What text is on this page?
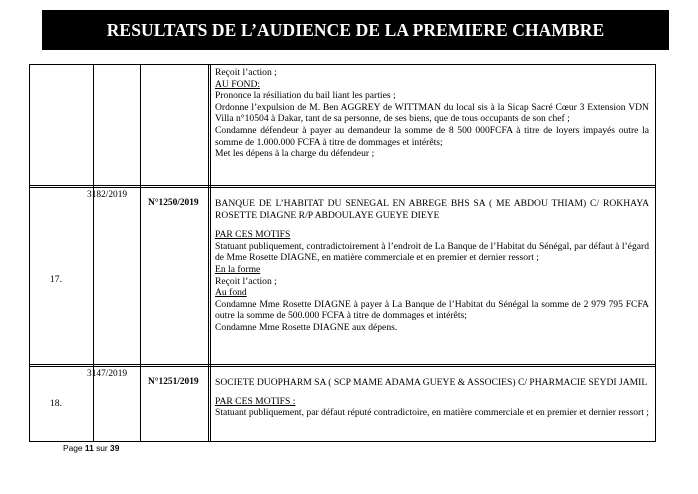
RESULTATS DE L’AUDIENCE DE LA PREMIERE CHAMBRE

Reçoit l’action ;

AU FOND:

Prononce la résiliation du bail liant les parties ;

Ordonne l’expulsion de M. Ben AGGREY de WITTMAN du local sis à la Sicap Sacré Cœur 3 Extension VDN Villa n°10504 à Dakar, tant de sa personne, de ses biens, que de tous occupants de son chef ;

Condamne défendeur à payer au demandeur la somme de 8 500 000FCFA à titre de loyers impayés outre la somme de 1.000.000 FCFA à titre de dommages et intérêts;

Met les dépens à la charge du défendeur ;

17.
3182/2019
N°1250/2019 BANQUE DE L’HABITAT DU SENEGAL EN ABREGE BHS SA ( ME ABDOU THIAM) C/ ROKHAYA ROSETTE DIAGNE R/P ABDOULAYE GUEYE DIEYE

PAR CES MOTIFS

Statuant publiquement, contradictoirement à l’endroit de La Banque de l’Habitat du Sénégal, par défaut à l’égard de Mme Rosette DIAGNE, en matière commerciale et en premier et dernier ressort ;

En la forme

Reçoit l’action ;

Au fond

Condamne Mme Rosette DIAGNE à payer à La Banque de l’Habitat du Sénégal la somme de 2 979 795 FCFA outre la somme de 500.000 FCFA à titre de dommages et intérêts;

Condamne Mme Rosette DIAGNE aux dépens.

18.
3147/2019
N°1251/2019 SOCIETE DUOPHARM SA ( SCP MAME ADAMA GUEYE & ASSOCIES) C/ PHARMACIE SEYDI JAMIL

PAR CES MOTIFS :

Statuant publiquement, par défaut réputé contradictoire, en matière commerciale et en premier et dernier ressort ;

Page 11 sur 39
